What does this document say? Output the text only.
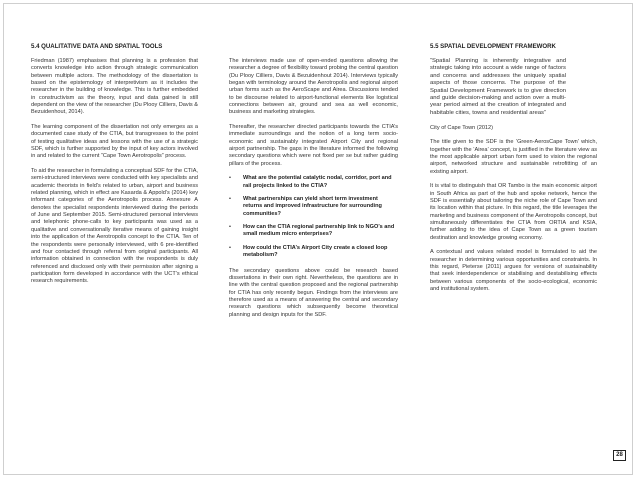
5.4 QUALITATIVE DATA AND SPATIAL TOOLS	5.5 SPATIAL DEVELOPMENT FRAMEWORK

Friedman (1987) emphasises that planning is a profession that converts knowledge into action through strategic communication between multiple actors. The methodology of the dissertation is based on the epistemology of interpretivism as it includes the researcher in the building of knowledge. This is further embedded in constructivism as the theory, input and data gained is still dependent on the view of the researcher (Du Plooy Cilliers, Davis & Bezuidenhout, 2014).

The learning component of the dissertation not only emerges as a documented case study of the CTIA, but transgresses to the point of testing qualitative ideas and lessons with the use of a strategic SDF, which is further supported by the input of key actors involved in and related to the current “Cape Town Aerotropolis” process.

To aid the researcher in formulating a conceptual SDF for the CTIA, semi-structured interviews were conducted with key specialists and academic theorists in field’s related to urban, airport and business related planning, which in effect are Kasarda & Appold’s (2014) key informant categories of the Aerotropolis process. Annexure A denotes the specialist respondents interviewed during the periods of June and September 2015. Semi-structured personal interviews and telephonic phone-calls to key participants was used as a qualitative and conversationally iterative means of gaining insight into the application of the Aerotropolis concept to the CTIA. Ten of the respondents were personally interviewed, with 6 pre-identified and four contacted through referral from original participants. All information obtained in connection with the respondents is duly referenced and disclosed only with their permission after signing a participation form developed in accordance with the UCT’s ethical research requirements.

The interviews made use of open-ended questions allowing the researcher a degree of flexibility toward probing the central question (Du Plooy Cilliers, Davis & Bezuidenhout 2014). Interviews typically began with terminology around the Aerotropolis and regional airport urban forms such as the AeroScape and Airea. Discussions tended to be discourse related to airport-functional elements like logistical connections between air, ground and sea as well economic, business and marketing strategies.

Thereafter, the researcher directed participants towards the CTIA’s immediate surroundings and the notion of a long term socio-economic and sustainably integrated Airport City and regional airport partnership. The gaps in the literature informed the following secondary questions which were not fixed per se but rather guiding pillars of the process.

• What are the potential catalytic nodal, corridor, port and rail projects linked to the CTIA?
• What partnerships can yield short term investment returns and improved infrastructure for surrounding communities?
• How can the CTIA regional partnership link to NGO’s and small medium micro enterprises?
• How could the CTIA’s Airport City create a closed loop metabolism?

The secondary questions above could be research based dissertations in their own right. Nevertheless, the questions are in line with the central question proposed and the regional partnership for CTIA has only recently begun. Findings from the interviews are therefore used as a means of answering the central and secondary research questions which subsequently become theoretical planning and design inputs for the SDF.

“Spatial Planning is inherently integrative and strategic taking into account a wide range of factors and concerns and addresses the uniquely spatial aspects of those concerns. The purpose of the Spatial Development Framework is to give direction and guide decision-making and action over a multi-year period aimed at the creation of integrated and habitable cities, towns and residential areas”

City of Cape Town (2012)

The title given to the SDF is the ‘Green-AerosCape Town’ which, together with the ‘Airea’ concept, is justified in the literature view as the most applicable airport urban form used to vision the regional airport, networked structure and sustainable retrofitting of an existing airport.

It is vital to distinguish that OR Tambo is the main economic airport in South Africa as part of the hub and spoke network, hence the SDF is essentially about tailoring the niche role of Cape Town and its location within that picture. In this regard, the title leverages the marketing and business component of the Aerotropolis concept, but simultaneously differentiates the CTIA from ORTIA and KSIA, further adding to the idea of Cape Town as a green tourism destination and knowledge growing economy.

A contextual and values related model is formulated to aid the researcher in determining various opportunities and constraints. In this regard, Pieterse (2011) argues for versions of sustainability that seek interdependence or stabilising and destabilising effects between various components of the socio-ecological, economic and institutional system.

28
